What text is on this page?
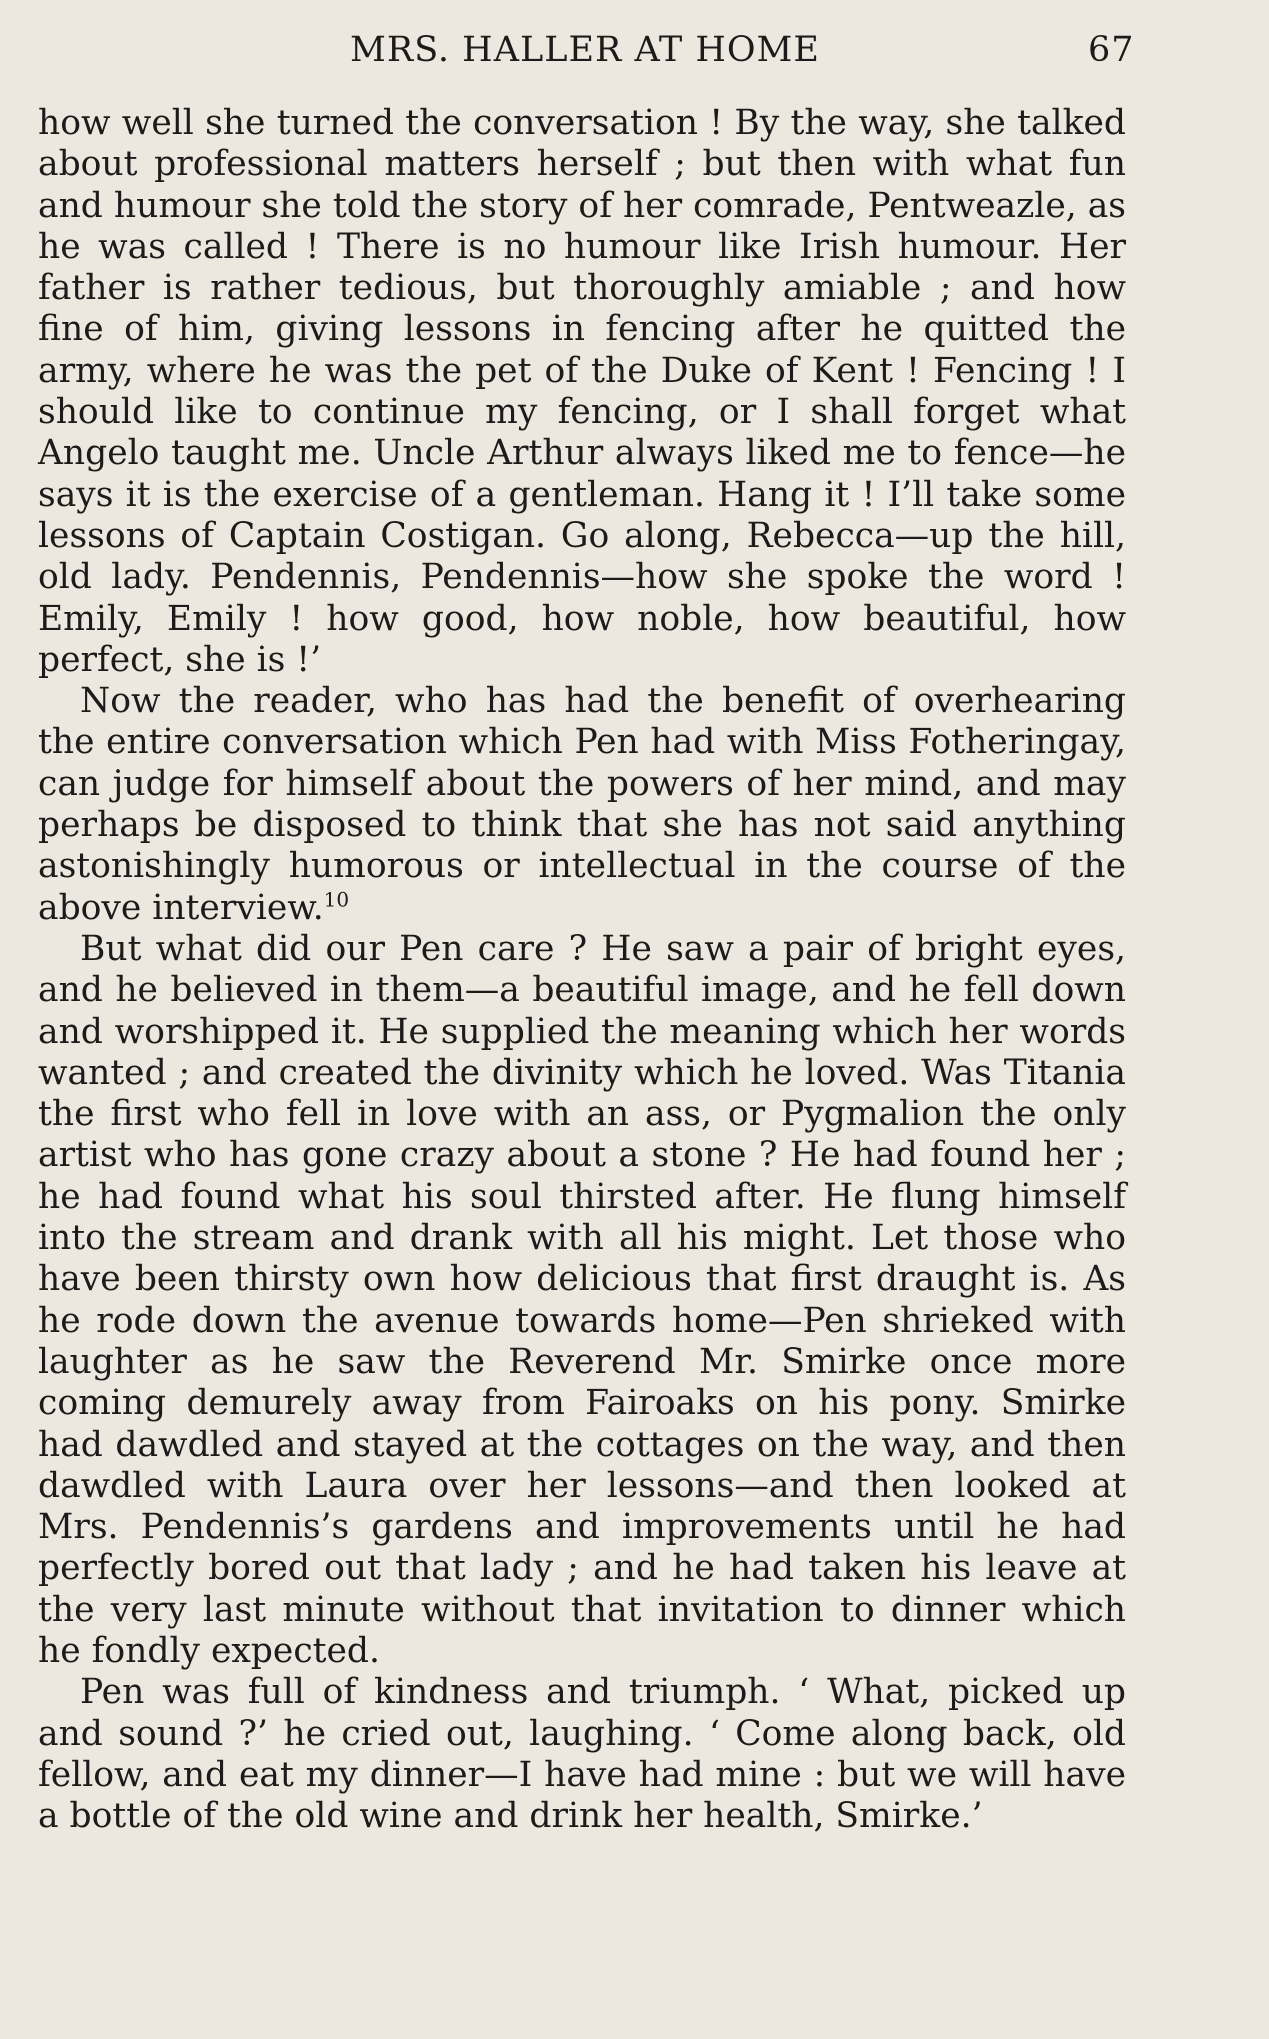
MRS. HALLER AT HOME	67

how well she turned the conversation ! By the way, she talked about professional matters herself ; but then with what fun and humour she told the story of her comrade, Pentweazle, as he was called ! There is no humour like Irish humour. Her father is rather tedious, but thoroughly amiable ; and how fine of him, giving lessons in fencing after he quitted the army, where he was the pet of the Duke of Kent ! Fencing ! I should like to continue my fencing, or I shall forget what Angelo taught me. Uncle Arthur always liked me to fence—he says it is the exercise of a gentleman. Hang it ! I’ll take some lessons of Captain Costigan. Go along, Rebecca—up the hill, old lady. Pendennis, Pendennis—how she spoke the word ! Emily, Emily ! how good, how noble, how beautiful, how perfect, she is !’

Now the reader, who has had the benefit of overhearing the entire conversation which Pen had with Miss Fotheringay, can judge for himself about the powers of her mind, and may perhaps be disposed to think that she has not said anything astonishingly humorous or intellectual in the course of the above interview.$^{10}$

But what did our Pen care ? He saw a pair of bright eyes, and he believed in them—a beautiful image, and he fell down and worshipped it. He supplied the meaning which her words wanted ; and created the divinity which he loved. Was Titania the first who fell in love with an ass, or Pygmalion the only artist who has gone crazy about a stone ? He had found her ; he had found what his soul thirsted after. He flung himself into the stream and drank with all his might. Let those who have been thirsty own how delicious that first draught is. As he rode down the avenue towards home—Pen shrieked with laughter as he saw the Reverend Mr. Smirke once more coming demurely away from Fairoaks on his pony. Smirke had dawdled and stayed at the cottages on the way, and then dawdled with Laura over her lessons—and then looked at Mrs. Pendennis’s gardens and improvements until he had perfectly bored out that lady ; and he had taken his leave at the very last minute without that invitation to dinner which he fondly expected.

Pen was full of kindness and triumph. ‘ What, picked up and sound ?’ he cried out, laughing. ‘ Come along back, old fellow, and eat my dinner—I have had mine : but we will have a bottle of the old wine and drink her health, Smirke.’
